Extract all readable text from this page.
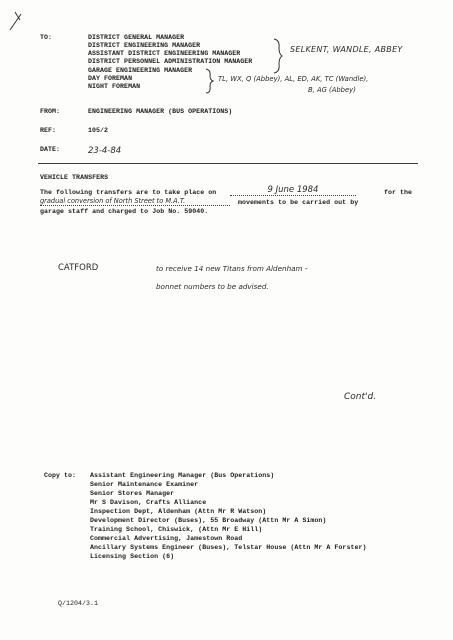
TO:	DISTRICT GENERAL MANAGER
DISTRICT ENGINEERING MANAGER
ASSISTANT DISTRICT ENGINEERING MANAGER
DISTRICT PERSONNEL ADMINISTRATION MANAGER
GARAGE ENGINEERING MANAGER
DAY FOREMAN
NIGHT FOREMAN
SELKENT, WANDLE, ABBEY
TL, WX, Q (Abbey), AL, ED, AK, TC (Wandle),
B, AG (Abbey)
FROM:	ENGINEERING MANAGER (BUS OPERATIONS)
REF:	105/2
DATE:	23-4-84
VEHICLE TRANSFERS
The following transfers are to take place on	9 June 1984	for the
gradual conversion of North Street to M.A.T.	movements to be carried out by
garage staff and charged to Job No. 59040.
CATFORD	to receive 14 new Titans from Aldenham -
bonnet numbers to be advised.
Cont'd.
Copy to: Assistant Engineering Manager (Bus Operations)
Senior Maintenance Examiner
Senior Stores Manager
Mr S Davison, Crafts Alliance
Inspection Dept, Aldenham (Attn Mr R Watson)
Development Director (Buses), 55 Broadway (Attn Mr A Simon)
Training School, Chiswick, (Attn Mr E Hill)
Commercial Advertising, Jamestown Road
Ancillary Systems Engineer (Buses), Telstar House (Attn Mr A Forster)
Licensing Section (6)
Q/1204/3.1
